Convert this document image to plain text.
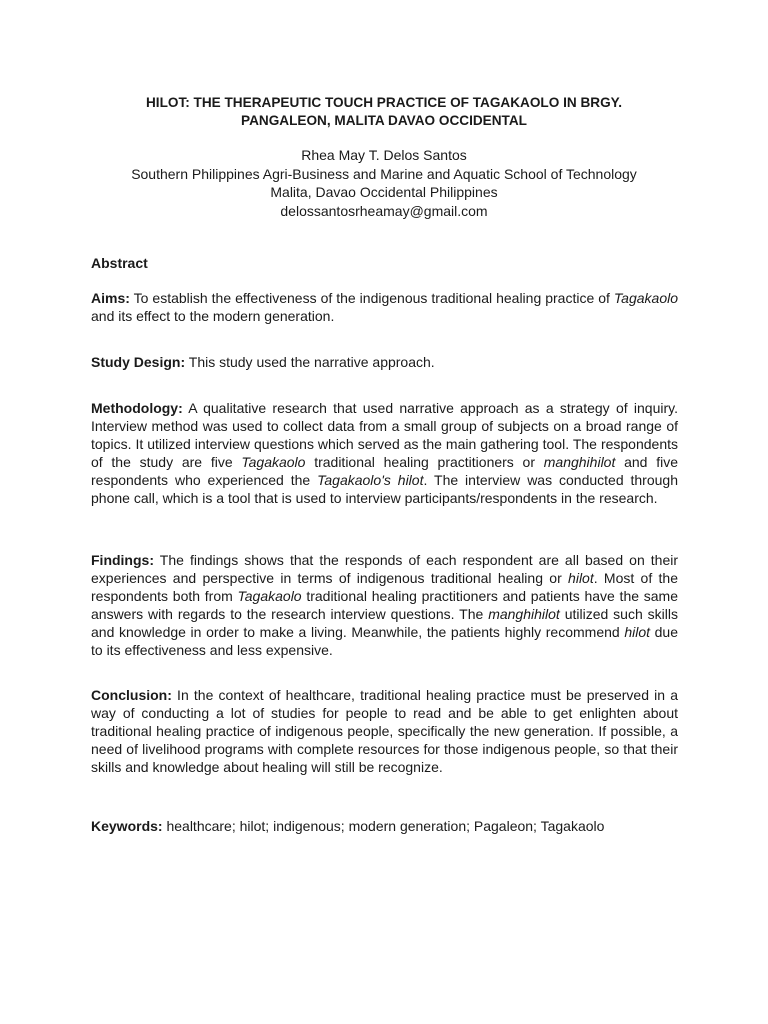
HILOT: THE THERAPEUTIC TOUCH PRACTICE OF TAGAKAOLO IN BRGY.
PANGALEON, MALITA DAVAO OCCIDENTAL
Rhea May T. Delos Santos
Southern Philippines Agri-Business and Marine and Aquatic School of Technology
Malita, Davao Occidental Philippines
delossantosrheamay@gmail.com
Abstract
Aims: To establish the effectiveness of the indigenous traditional healing practice of Tagakaolo and its effect to the modern generation.
Study Design: This study used the narrative approach.
Methodology: A qualitative research that used narrative approach as a strategy of inquiry. Interview method was used to collect data from a small group of subjects on a broad range of topics. It utilized interview questions which served as the main gathering tool. The respondents of the study are five Tagakaolo traditional healing practitioners or manghihilot and five respondents who experienced the Tagakaolo's hilot. The interview was conducted through phone call, which is a tool that is used to interview participants/respondents in the research.
Findings: The findings shows that the responds of each respondent are all based on their experiences and perspective in terms of indigenous traditional healing or hilot. Most of the respondents both from Tagakaolo traditional healing practitioners and patients have the same answers with regards to the research interview questions. The manghihilot utilized such skills and knowledge in order to make a living. Meanwhile, the patients highly recommend hilot due to its effectiveness and less expensive.
Conclusion: In the context of healthcare, traditional healing practice must be preserved in a way of conducting a lot of studies for people to read and be able to get enlighten about traditional healing practice of indigenous people, specifically the new generation. If possible, a need of livelihood programs with complete resources for those indigenous people, so that their skills and knowledge about healing will still be recognize.
Keywords: healthcare; hilot; indigenous; modern generation; Pagaleon; Tagakaolo
